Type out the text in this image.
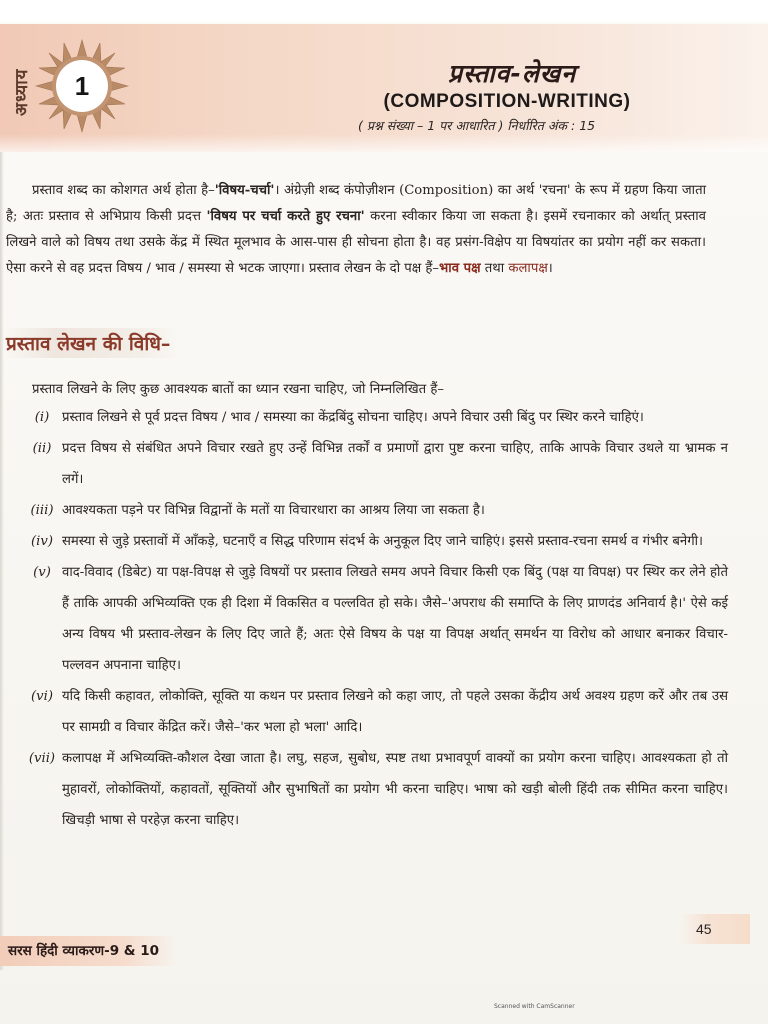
अध्याय	1	प्रस्ताव-लेखन
(COMPOSITION-WRITING)
( प्रश्न संख्या – 1 पर आधारित ) निर्धारित अंक : 15
प्रस्ताव शब्द का कोशगत अर्थ होता है–'विषय-चर्चा'। अंग्रेज़ी शब्द कंपोज़ीशन (Composition) का अर्थ 'रचना' के रूप में ग्रहण किया जाता है; अतः प्रस्ताव से अभिप्राय किसी प्रदत्त 'विषय पर चर्चा करते हुए रचना' करना स्वीकार किया जा सकता है। इसमें रचनाकार को अर्थात् प्रस्ताव लिखने वाले को विषय तथा उसके केंद्र में स्थित मूलभाव के आस-पास ही सोचना होता है। वह प्रसंग-विक्षेप या विषयांतर का प्रयोग नहीं कर सकता। ऐसा करने से वह प्रदत्त विषय / भाव / समस्या से भटक जाएगा। प्रस्ताव लेखन के दो पक्ष हैं–भाव पक्ष तथा कलापक्ष।
प्रस्ताव लेखन की विधि–
प्रस्ताव लिखने के लिए कुछ आवश्यक बातों का ध्यान रखना चाहिए, जो निम्नलिखित हैं–
(i) प्रस्ताव लिखने से पूर्व प्रदत्त विषय / भाव / समस्या का केंद्रबिंदु सोचना चाहिए। अपने विचार उसी बिंदु पर स्थिर करने चाहिएं।
(ii) प्रदत्त विषय से संबंधित अपने विचार रखते हुए उन्हें विभिन्न तर्कों व प्रमाणों द्वारा पुष्ट करना चाहिए, ताकि आपके विचार उथले या भ्रामक न लगें।
(iii) आवश्यकता पड़ने पर विभिन्न विद्वानों के मतों या विचारधारा का आश्रय लिया जा सकता है।
(iv) समस्या से जुड़े प्रस्तावों में आँकड़े, घटनाएँ व सिद्ध परिणाम संदर्भ के अनुकूल दिए जाने चाहिएं। इससे प्रस्ताव-रचना समर्थ व गंभीर बनेगी।
(v) वाद-विवाद (डिबेट) या पक्ष-विपक्ष से जुड़े विषयों पर प्रस्ताव लिखते समय अपने विचार किसी एक बिंदु (पक्ष या विपक्ष) पर स्थिर कर लेने होते हैं ताकि आपकी अभिव्यक्ति एक ही दिशा में विकसित व पल्लवित हो सके। जैसे–'अपराध की समाप्ति के लिए प्राणदंड अनिवार्य है।' ऐसे कई अन्य विषय भी प्रस्ताव-लेखन के लिए दिए जाते हैं; अतः ऐसे विषय के पक्ष या विपक्ष अर्थात् समर्थन या विरोध को आधार बनाकर विचार-पल्लवन अपनाना चाहिए।
(vi) यदि किसी कहावत, लोकोक्ति, सूक्ति या कथन पर प्रस्ताव लिखने को कहा जाए, तो पहले उसका केंद्रीय अर्थ अवश्य ग्रहण करें और तब उस पर सामग्री व विचार केंद्रित करें। जैसे–'कर भला हो भला' आदि।
(vii) कलापक्ष में अभिव्यक्ति-कौशल देखा जाता है। लघु, सहज, सुबोध, स्पष्ट तथा प्रभावपूर्ण वाक्यों का प्रयोग करना चाहिए। आवश्यकता हो तो मुहावरों, लोकोक्तियों, कहावतों, सूक्तियों और सुभाषितों का प्रयोग भी करना चाहिए। भाषा को खड़ी बोली हिंदी तक सीमित करना चाहिए। खिचड़ी भाषा से परहेज़ करना चाहिए।
45
सरस हिंदी व्याकरण-9 & 10
Scanned with CamScanner
